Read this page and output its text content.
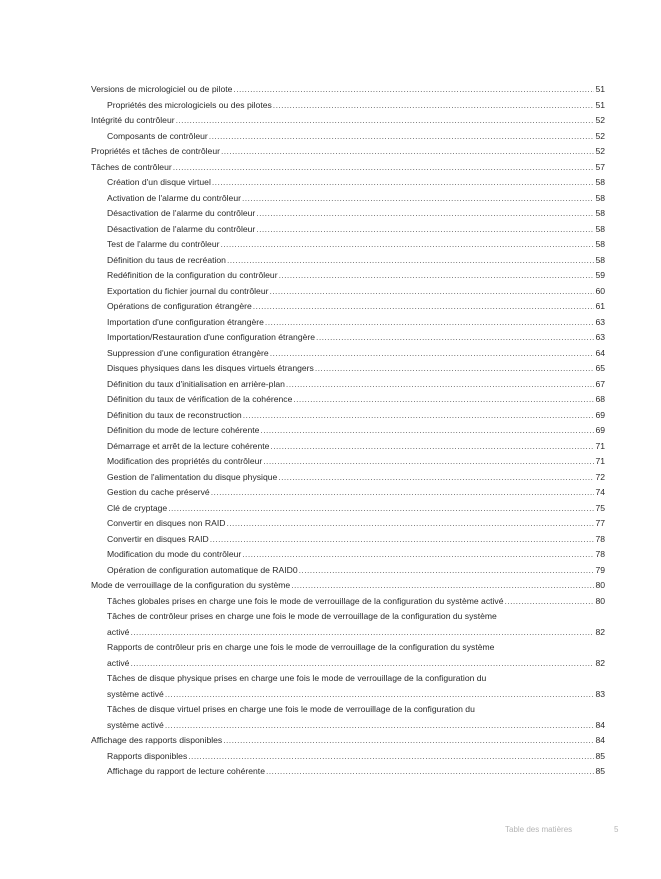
Versions de micrologiciel ou de pilote .....	51
Propriétés des micrologiciels ou des pilotes .....	51
Intégrité du contrôleur .....	52
Composants de contrôleur .....	52
Propriétés et tâches de contrôleur .....	52
Tâches de contrôleur .....	57
Création d'un disque virtuel .....	58
Activation de l'alarme du contrôleur .....	58
Désactivation de l'alarme du contrôleur .....	58
Désactivation de l'alarme du contrôleur .....	58
Test de l'alarme du contrôleur .....	58
Définition du taus de recréation .....	58
Redéfinition de la configuration du contrôleur .....	59
Exportation du fichier journal du contrôleur .....	60
Opérations de configuration étrangère .....	61
Importation d'une configuration étrangère .....	63
Importation/Restauration d'une configuration étrangère .....	63
Suppression d'une configuration étrangère .....	64
Disques physiques dans les disques virtuels étrangers .....	65
Définition du taux d'initialisation en arrière-plan .....	67
Définition du taux de vérification de la cohérence .....	68
Définition du taux de reconstruction .....	69
Définition du mode de lecture cohérente .....	69
Démarrage et arrêt de la lecture cohérente .....	71
Modification des propriétés du contrôleur .....	71
Gestion de l'alimentation du disque physique .....	72
Gestion du cache préservé .....	74
Clé de cryptage .....	75
Convertir en disques non RAID .....	77
Convertir en disques RAID .....	78
Modification du mode du contrôleur .....	78
Opération de configuration automatique de RAID0 .....	79
Mode de verrouillage de la configuration du système .....	80
Tâches globales prises en charge une fois le mode de verrouillage de la configuration du système activé .....	80
Tâches de contrôleur prises en charge une fois le mode de verrouillage de la configuration du système
activé .....	82
Rapports de contrôleur pris en charge une fois le mode de verrouillage de la configuration du système
activé .....	82
Tâches de disque physique prises en charge une fois le mode de verrouillage de la configuration du
système activé .....	83
Tâches de disque virtuel prises en charge une fois le mode de verrouillage de la configuration du
système activé .....	84
Affichage des rapports disponibles .....	84
Rapports disponibles .....	85
Affichage du rapport de lecture cohérente .....	85
Table des matières	5
